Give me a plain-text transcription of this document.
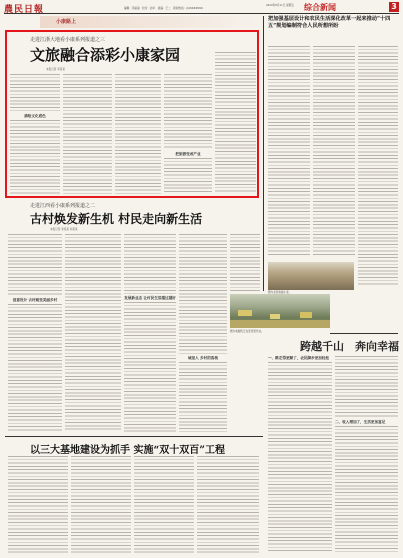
農民日報	编辑：李丽丽　校对：赵华　美编：王二　新闻热线：(0)XXXXXXX
2020年8月21日 星期五 综合新闻	3
小康路上
走进江浙大地看小康系列报道之三
文旅融合添彩小康家园
本报记者 李某某
描绘文化底色
把旅游变成产业
走进江西看小康系列报道之二
古村焕发新生机 村民走向新生活
本报记者 李某某 刘某某
创意设计 古村蜕变美丽乡村	发展新业态 让村民生活越过越好
城里人 乡村的客栈
图为收割机正在麦田里作业。
把加强基层设计和农民生活深化改革一起来推动“十四五”规划编制符合人民所想所盼
图为农民收割小麦。
跨越千山　奔向幸福
一、路走得更顺了，农民脚步更加轻松
二、收入增加了，生活更加富足
以三大基地建设为抓手 实施“双十双百”工程
